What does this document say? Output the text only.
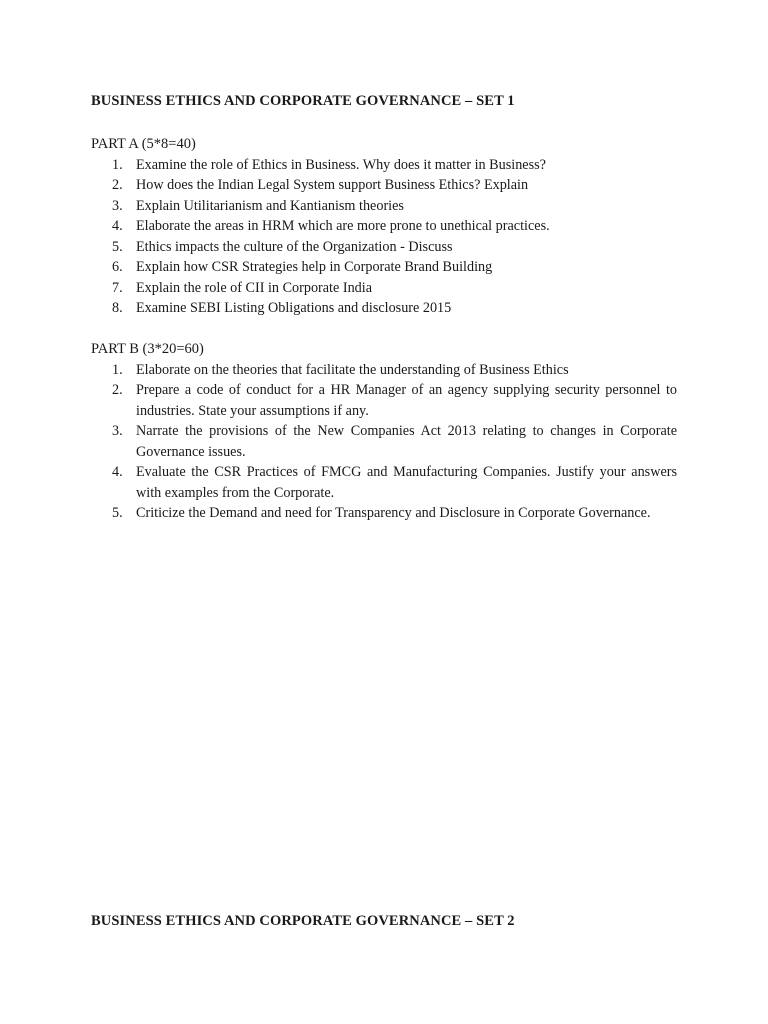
BUSINESS ETHICS AND CORPORATE GOVERNANCE – SET 1
PART A (5*8=40)
1. Examine the role of Ethics in Business. Why does it matter in Business?
2. How does the Indian Legal System support Business Ethics? Explain
3. Explain Utilitarianism and Kantianism theories
4. Elaborate the areas in HRM which are more prone to unethical practices.
5. Ethics impacts the culture of the Organization - Discuss
6. Explain how CSR Strategies help in Corporate Brand Building
7. Explain the role of CII in Corporate India
8. Examine SEBI Listing Obligations and disclosure 2015
PART B (3*20=60)
1. Elaborate on the theories that facilitate the understanding of Business Ethics
2. Prepare a code of conduct for a HR Manager of an agency supplying security personnel to industries. State your assumptions if any.
3. Narrate the provisions of the New Companies Act 2013 relating to changes in Corporate Governance issues.
4. Evaluate the CSR Practices of FMCG and Manufacturing Companies. Justify your answers with examples from the Corporate.
5. Criticize the Demand and need for Transparency and Disclosure in Corporate Governance.
BUSINESS ETHICS AND CORPORATE GOVERNANCE – SET 2
